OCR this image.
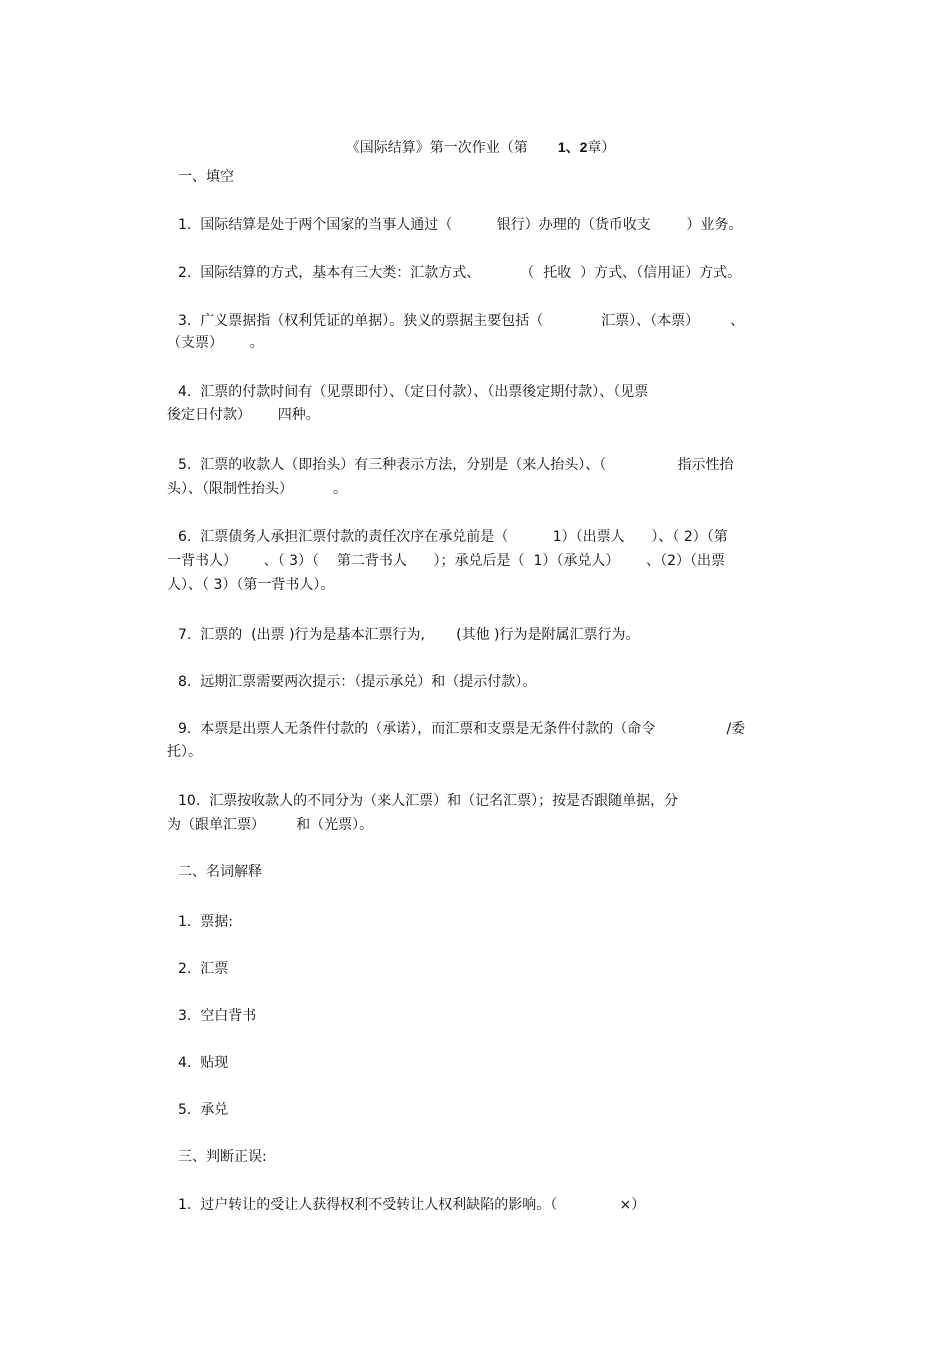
《国际结算》第一次作业（第 1、2章）

一、填空
1.  国际结算是处于两个国家的当事人通过（          银行）办理的（货币收支        ）业务。
2.  国际结算的方式，基本有三大类：汇款方式、         （  托收  ）方式、（信用证）方式。
3.  广义票据指（权利凭证的单据）。狭义的票据主要包括（             汇票）、（本票）       、
（支票）      。
4.  汇票的付款时间有（见票即付）、（定日付款）、（出票後定期付款）、（见票
後定日付款）      四种。
5.  汇票的收款人（即抬头）有三种表示方法，分别是（来人抬头）、（                指示性抬
头）、（限制性抬头）         。
6.  汇票债务人承担汇票付款的责任次序在承兑前是（          1）（出票人      ）、（ 2）（第
一背书人）      、（ 3）（    第二背书人      ）；承兑后是（  1）（承兑人）      、（2）（出票
人）、（ 3）（第一背书人）。
7.  汇票的  (出票 )行为是基本汇票行为,       (其他 )行为是附属汇票行为。
8.  远期汇票需要两次提示：（提示承兑）和（提示付款）。
9.  本票是出票人无条件付款的（承诺），而汇票和支票是无条件付款的（命令                /委
托）。
10.  汇票按收款人的不同分为（来人汇票）和（记名汇票）；按是否跟随单据，分
为（跟单汇票）       和（光票）。
二、名词解释
1.  票据:
2.  汇票
3.  空白背书
4.  贴现
5.  承兑
三、判断正误:
1.  过户转让的受让人获得权利不受转让人权利缺陷的影响。（              ×）
